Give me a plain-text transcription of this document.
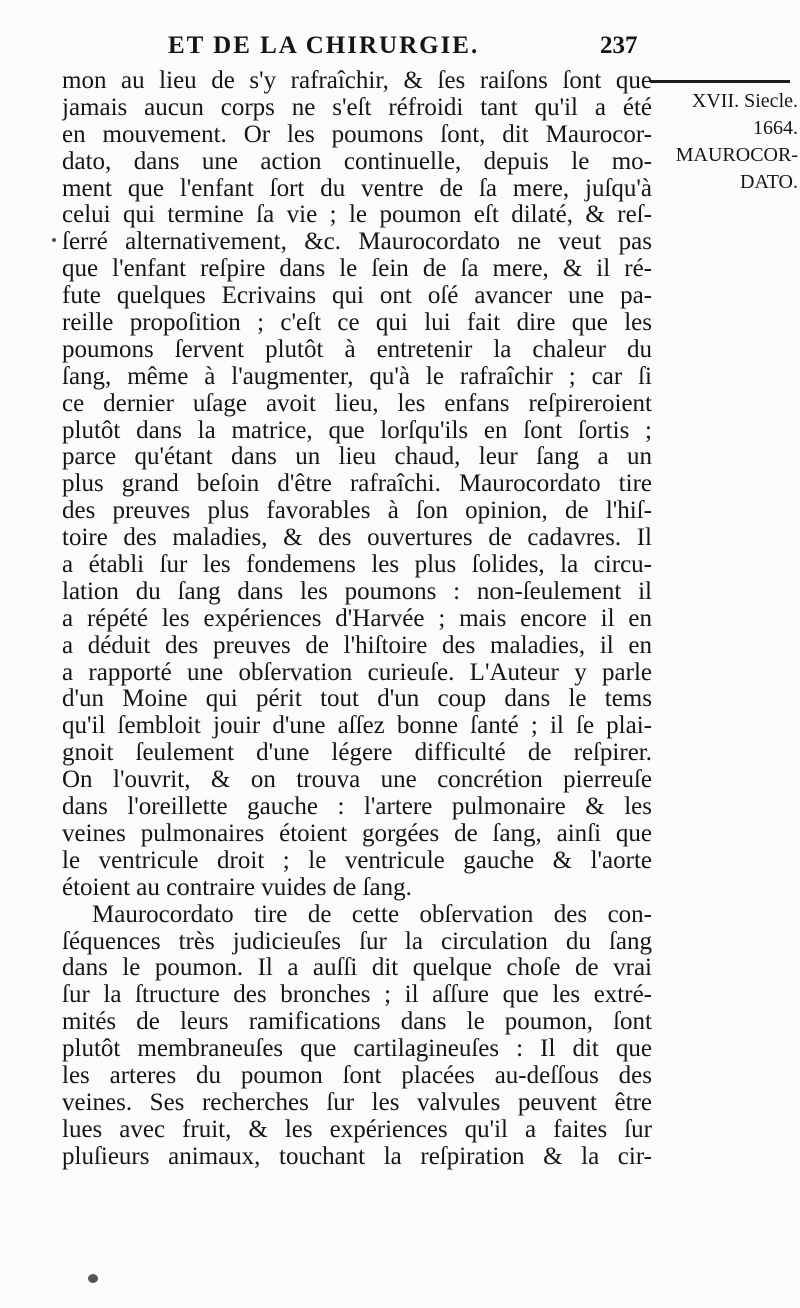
ET DE LA CHIRURGIE.	237
XVII. Siecle.
1664.
MAUROCOR-
DATO.
mon au lieu de s'y rafraîchir, & ſes raiſons ſont que
jamais aucun corps ne s'eſt réfroidi tant qu'il a été
en mouvement. Or les poumons ſont, dit Maurocor-
dato, dans une action continuelle, depuis le mo-
ment que l'enfant ſort du ventre de ſa mere, juſqu'à
celui qui termine ſa vie ; le poumon eſt dilaté, & reſ-
ſerré alternativement, &c. Maurocordato ne veut pas
que l'enfant reſpire dans le ſein de ſa mere, & il ré-
fute quelques Ecrivains qui ont oſé avancer une pa-
reille propoſition ; c'eſt ce qui lui fait dire que les
poumons ſervent plutôt à entretenir la chaleur du
ſang, même à l'augmenter, qu'à le rafraîchir ; car ſi
ce dernier uſage avoit lieu, les enfans reſpireroient
plutôt dans la matrice, que lorſqu'ils en ſont ſortis ;
parce qu'étant dans un lieu chaud, leur ſang a un
plus grand beſoin d'être rafraîchi. Maurocordato tire
des preuves plus favorables à ſon opinion, de l'hiſ-
toire des maladies, & des ouvertures de cadavres. Il
a établi ſur les fondemens les plus ſolides, la circu-
lation du ſang dans les poumons : non-ſeulement il
a répété les expériences d'Harvée ; mais encore il en
a déduit des preuves de l'hiſtoire des maladies, il en
a rapporté une obſervation curieuſe. L'Auteur y parle
d'un Moine qui périt tout d'un coup dans le tems
qu'il ſembloit jouir d'une aſſez bonne ſanté ; il ſe plai-
gnoit ſeulement d'une légere difficulté de reſpirer.
On l'ouvrit, & on trouva une concrétion pierreuſe
dans l'oreillette gauche : l'artere pulmonaire & les
veines pulmonaires étoient gorgées de ſang, ainſi que
le ventricule droit ; le ventricule gauche & l'aorte
étoient au contraire vuides de ſang.
Maurocordato tire de cette obſervation des con-
ſéquences très judicieuſes ſur la circulation du ſang
dans le poumon. Il a auſſi dit quelque choſe de vrai
ſur la ſtructure des bronches ; il aſſure que les extré-
mités de leurs ramifications dans le poumon, ſont
plutôt membraneuſes que cartilagineuſes : Il dit que
les arteres du poumon ſont placées au-deſſous des
veines. Ses recherches ſur les valvules peuvent être
lues avec fruit, & les expériences qu'il a faites ſur
pluſieurs animaux, touchant la reſpiration & la cir-
